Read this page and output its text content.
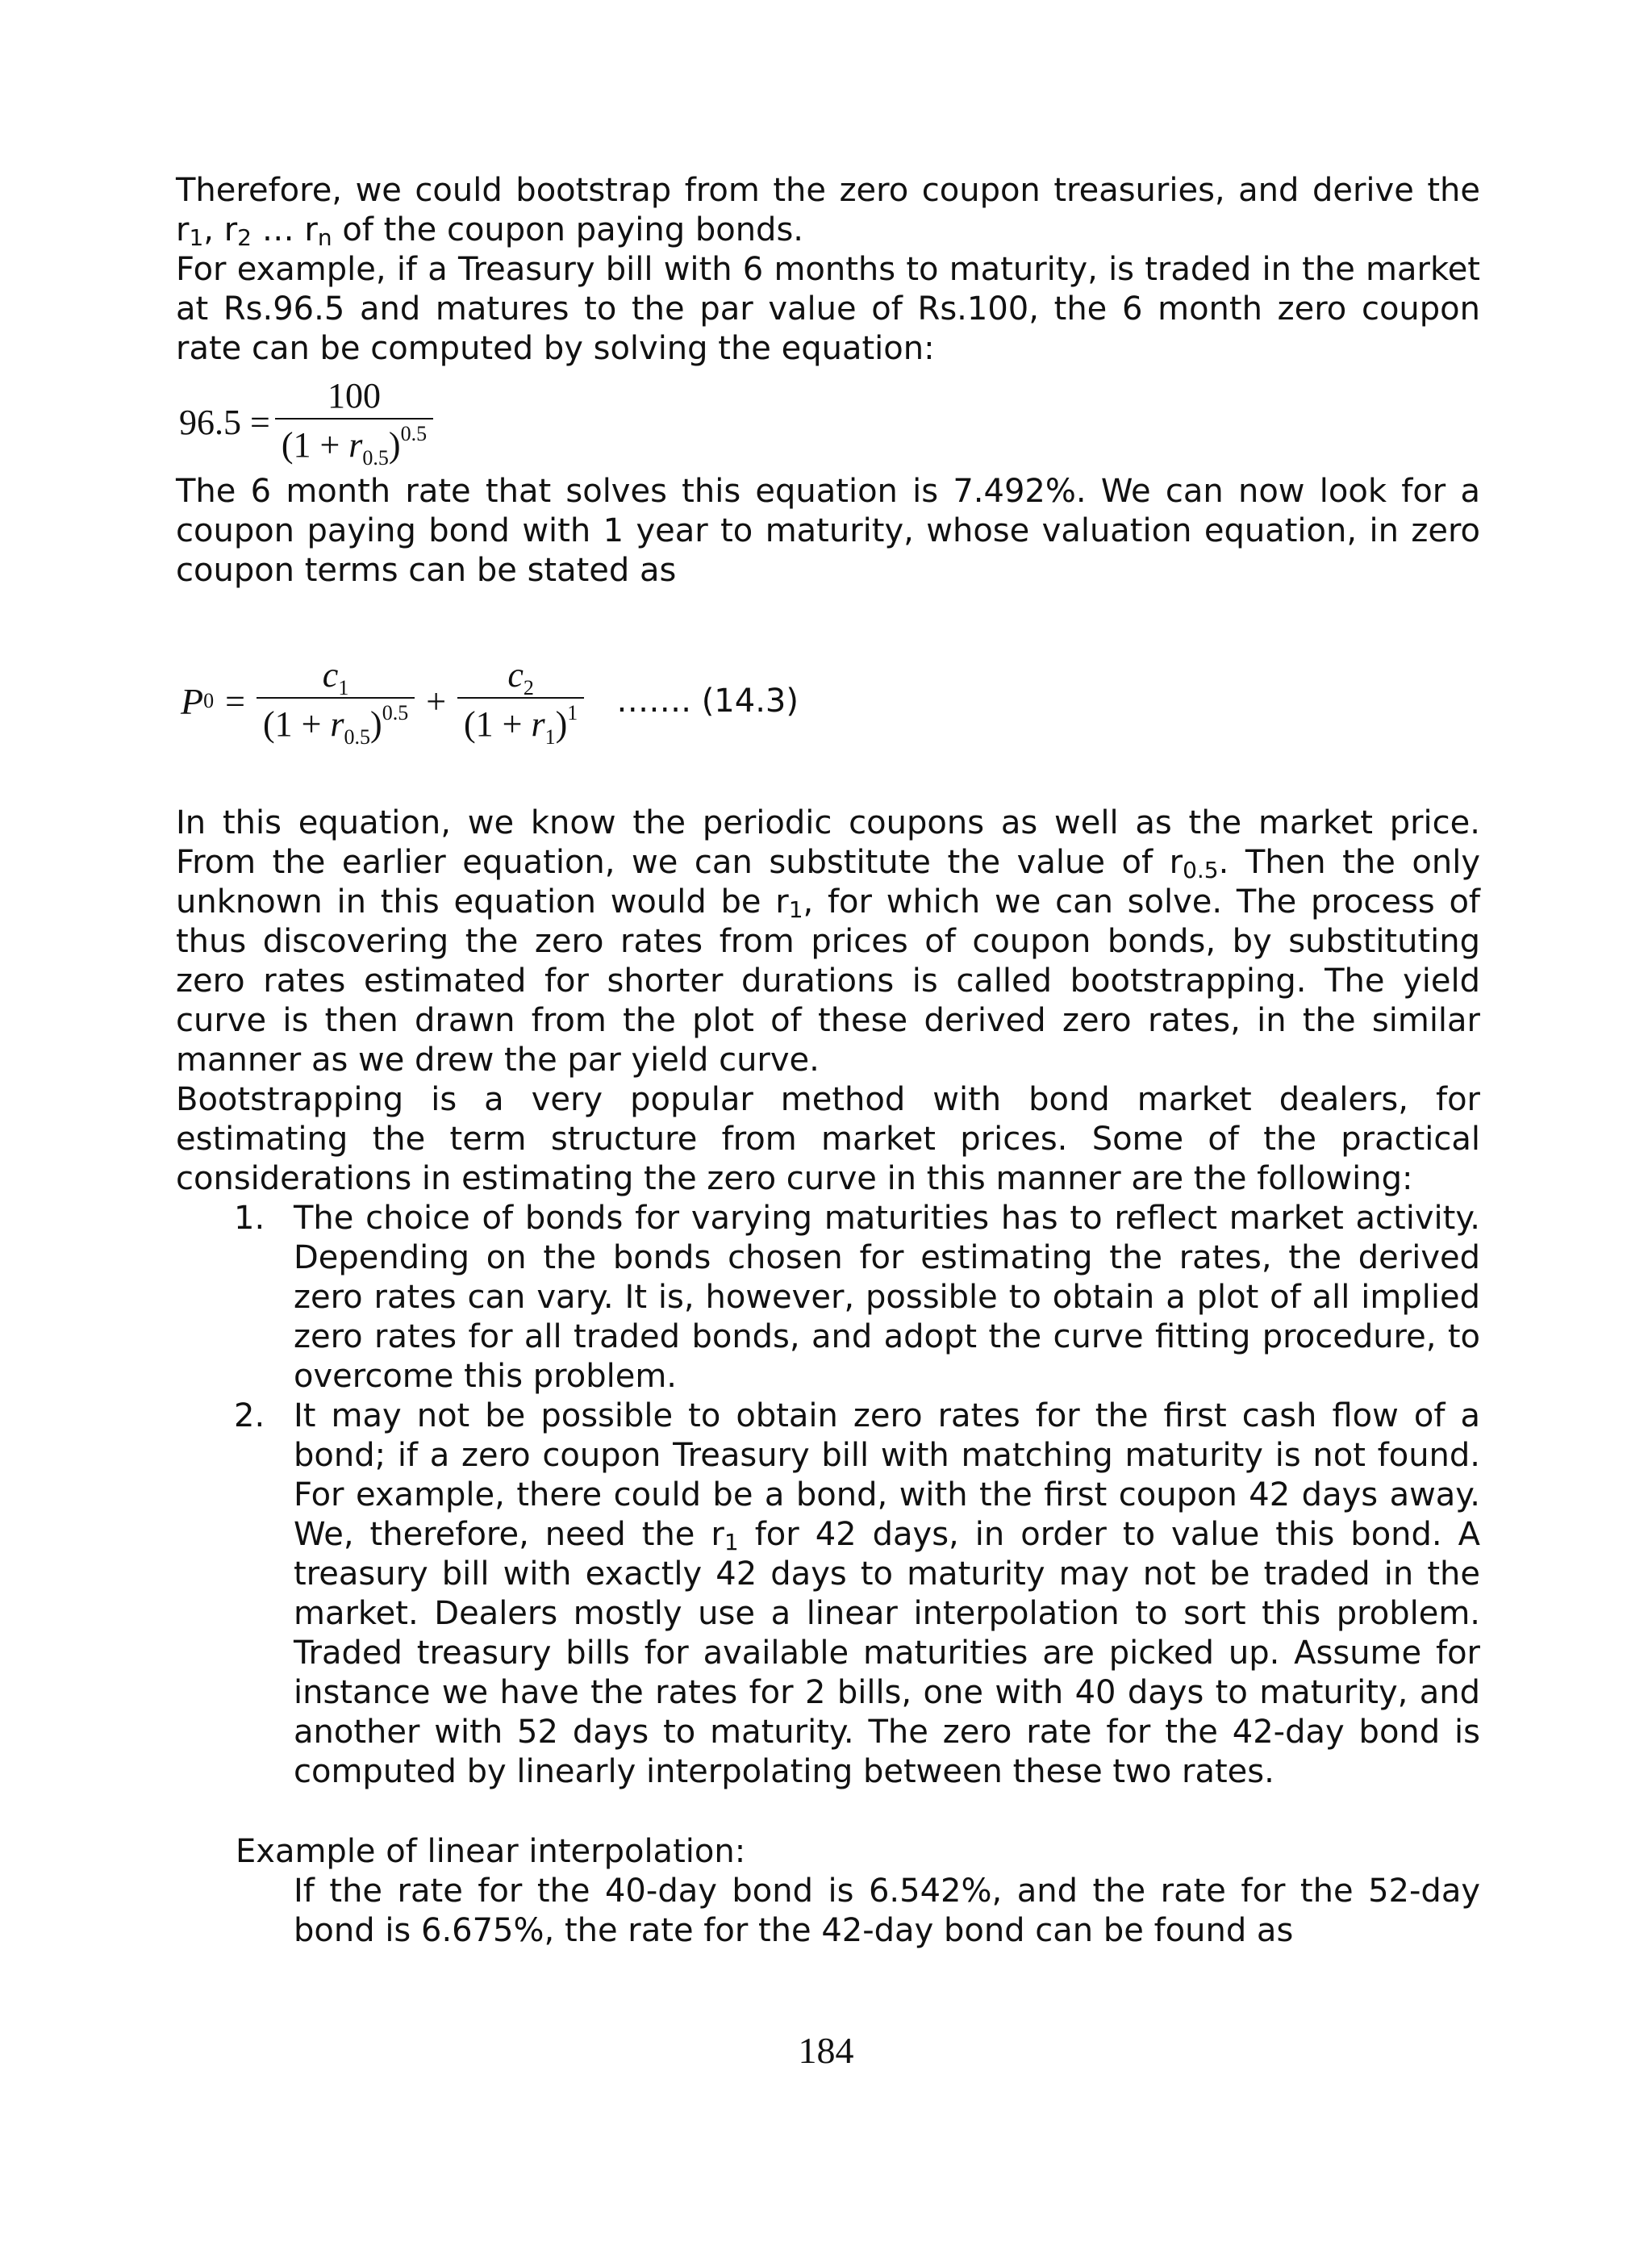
Therefore, we could bootstrap from the zero coupon treasuries, and derive the $r_1$, $r_2$ … $r_n$ of the coupon paying bonds.

For example, if a Treasury bill with 6 months to maturity, is traded in the market at Rs.96.5 and matures to the par value of Rs.100, the 6 month zero coupon rate can be computed by solving the equation:

$96.5 = \frac{100}{(1 + r_{0.5})^{0.5}}$

The 6 month rate that solves this equation is 7.492%. We can now look for a coupon paying bond with 1 year to maturity, whose valuation equation, in zero coupon terms can be stated as

P $0 = \frac{c_1}{(1 + r_{0.5})^{0.5}} + \frac{c_2}{(1 + r_1)^1}$ ……. (14.3)

In this equation, we know the periodic coupons as well as the market price. From the earlier equation, we can substitute the value of $r_{0.5}$. Then the only unknown in this equation would be $r_1$, for which we can solve. The process of thus discovering the zero rates from prices of coupon bonds, by substituting zero rates estimated for shorter durations is called bootstrapping. The yield curve is then drawn from the plot of these derived zero rates, in the similar manner as we drew the par yield curve.

Bootstrapping is a very popular method with bond market dealers, for estimating the term structure from market prices. Some of the practical considerations in estimating the zero curve in this manner are the following:

1. The choice of bonds for varying maturities has to reflect market activity. Depending on the bonds chosen for estimating the rates, the derived zero rates can vary. It is, however, possible to obtain a plot of all implied zero rates for all traded bonds, and adopt the curve fitting procedure, to overcome this problem.
2. It may not be possible to obtain zero rates for the first cash flow of a bond; if a zero coupon Treasury bill with matching maturity is not found. For example, there could be a bond, with the first coupon 42 days away. We, therefore, need the $r_1$ for 42 days, in order to value this bond. A treasury bill with exactly 42 days to maturity may not be traded in the market. Dealers mostly use a linear interpolation to sort this problem. Traded treasury bills for available maturities are picked up. Assume for instance we have the rates for 2 bills, one with 40 days to maturity, and another with 52 days to maturity. The zero rate for the 42-day bond is computed by linearly interpolating between these two rates.

Example of linear interpolation:

If the rate for the 40-day bond is 6.542%, and the rate for the 52-day bond is 6.675%, the rate for the 42-day bond can be found as

184
